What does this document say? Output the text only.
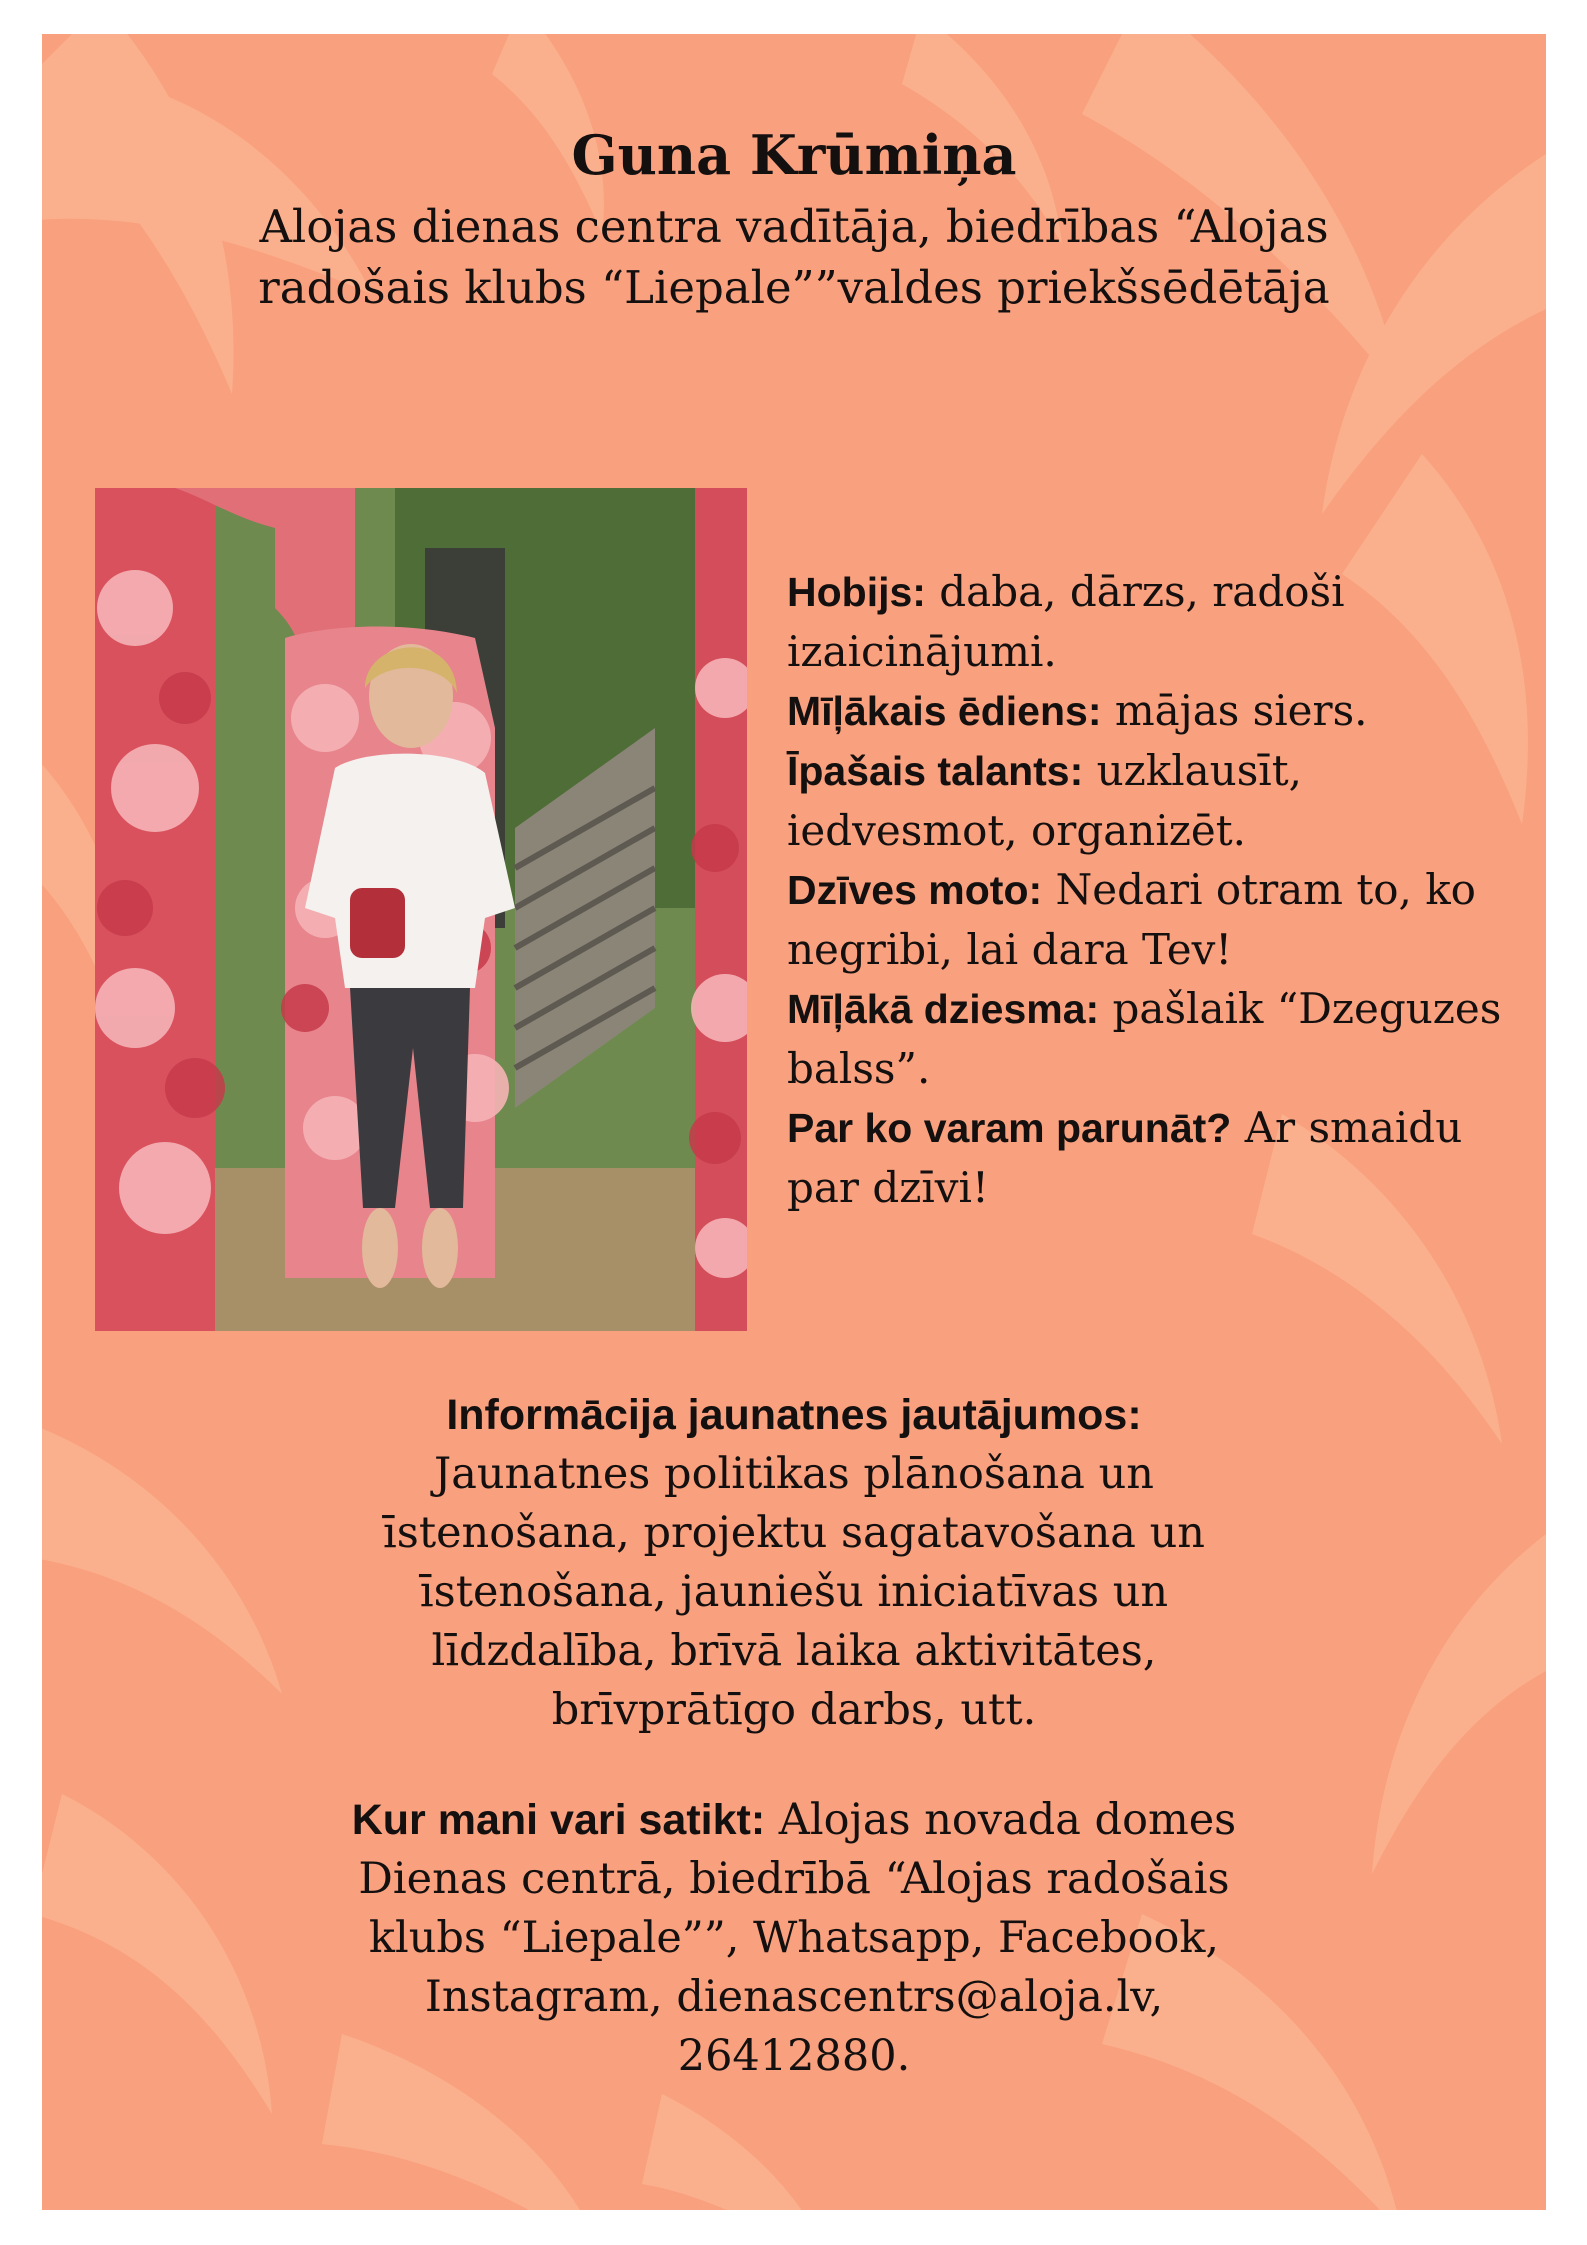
Guna Krūmiņa

Alojas dienas centra vadītāja, biedrības “Alojas radošais klubs “Liepale””valdes priekšsēdētāja

Hobijs: daba, dārzs, radoši izaicinājumi.

Mīļākais ēdiens: mājas siers.

Īpašais talants: uzklausīt, iedvesmot, organizēt.

Dzīves moto: Nedari otram to, ko negribi, lai dara Tev!

Mīļākā dziesma: pašlaik “Dzeguzes balss”.

Par ko varam parunāt? Ar smaidu par dzīvi!

Informācija jaunatnes jautājumos:

Jaunatnes politikas plānošana un īstenošana, projektu sagatavošana un īstenošana, jauniešu iniciatīvas un līdzdalība, brīvā laika aktivitātes, brīvprātīgo darbs, utt.

Kur mani vari satikt: Alojas novada domes Dienas centrā, biedrībā “Alojas radošais klubs “Liepale””, Whatsapp, Facebook, Instagram, dienascentrs@aloja.lv, 26412880.
